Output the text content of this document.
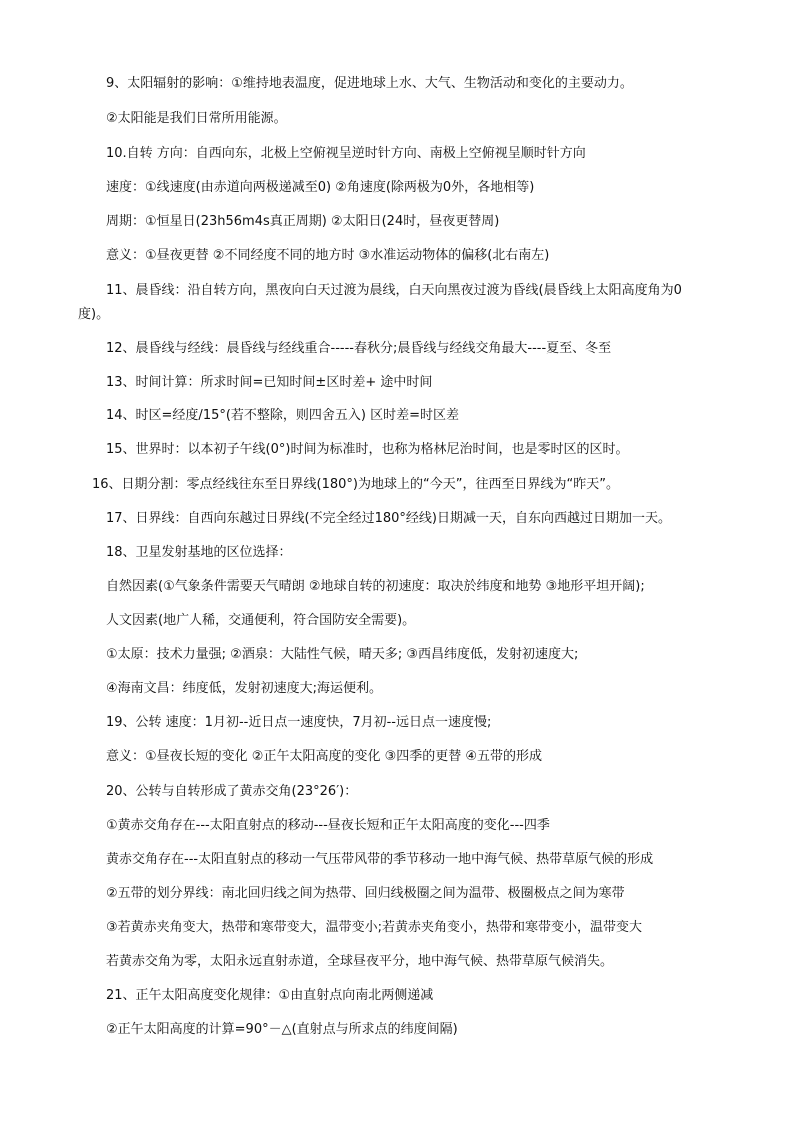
9、太阳辐射的影响：①维持地表温度，促进地球上水、大气、生物活动和变化的主要动力。
②太阳能是我们日常所用能源。
10.自转 方向：自西向东，北极上空俯视呈逆时针方向、南极上空俯视呈顺时针方向
速度：①线速度(由赤道向两极递减至0) ②角速度(除两极为0外，各地相等)
周期：①恒星日(23h56m4s真正周期) ②太阳日(24时，昼夜更替周)
意义：①昼夜更替 ②不同经度不同的地方时 ③水准运动物体的偏移(北右南左)
11、晨昏线：沿自转方向，黑夜向白天过渡为晨线，白天向黑夜过渡为昏线(晨昏线上太阳高度角为0
度)。
12、晨昏线与经线：晨昏线与经线重合-----春秋分;晨昏线与经线交角最大----夏至、冬至
13、时间计算：所求时间=已知时间±区时差+ 途中时间
14、时区=经度/15°(若不整除，则四舍五入) 区时差=时区差
15、世界时：以本初子午线(0°)时间为标准时，也称为格林尼治时间，也是零时区的区时。
16、日期分割：零点经线往东至日界线(180°)为地球上的“今天”，往西至日界线为“昨天”。
17、日界线：自西向东越过日界线(不完全经过180°经线)日期减一天，自东向西越过日期加一天。
18、卫星发射基地的区位选择：
自然因素(①气象条件需要天气晴朗 ②地球自转的初速度：取决於纬度和地势 ③地形平坦开阔);
人文因素(地广人稀，交通便利，符合国防安全需要)。
①太原：技术力量强; ②酒泉：大陆性气候，晴天多; ③西昌纬度低，发射初速度大;
④海南文昌：纬度低，发射初速度大;海运便利。
19、公转 速度：1月初--近日点一速度快，7月初--远日点一速度慢;
意义：①昼夜长短的变化 ②正午太阳高度的变化 ③四季的更替 ④五带的形成
20、公转与自转形成了黄赤交角(23°26′)：
①黄赤交角存在---太阳直射点的移动---昼夜长短和正午太阳高度的变化---四季
黄赤交角存在---太阳直射点的移动一气压带风带的季节移动一地中海气候、热带草原气候的形成
②五带的划分界线：南北回归线之间为热带、回归线极圈之间为温带、极圈极点之间为寒带
③若黄赤夹角变大，热带和寒带变大，温带变小;若黄赤夹角变小，热带和寒带变小，温带变大
若黄赤交角为零，太阳永远直射赤道，全球昼夜平分，地中海气候、热带草原气候消失。
21、正午太阳高度变化规律：①由直射点向南北两侧递减
②正午太阳高度的计算=90°－△(直射点与所求点的纬度间隔)
